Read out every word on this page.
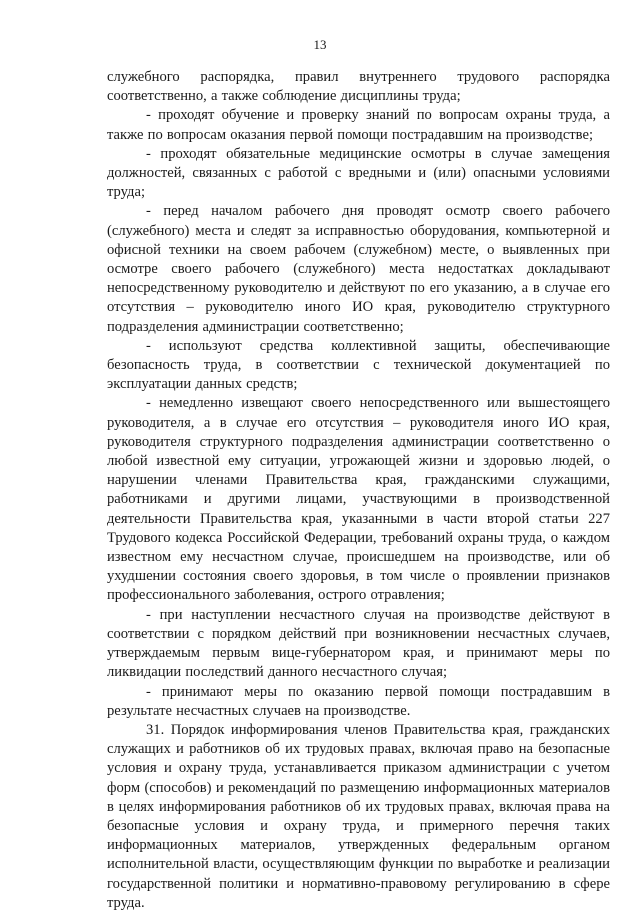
13

служебного распорядка, правил внутреннего трудового распорядка соответственно, а также соблюдение дисциплины труда;

- проходят обучение и проверку знаний по вопросам охраны труда, а также по вопросам оказания первой помощи пострадавшим на производстве;

- проходят обязательные медицинские осмотры в случае замещения должностей, связанных с работой с вредными и (или) опасными условиями труда;

- перед началом рабочего дня проводят осмотр своего рабочего (служебного) места и следят за исправностью оборудования, компьютерной и офисной техники на своем рабочем (служебном) месте, о выявленных при осмотре своего рабочего (служебного) места недостатках докладывают непосредственному руководителю и действуют по его указанию, а в случае его отсутствия – руководителю иного ИО края, руководителю структурного подразделения администрации соответственно;

- используют средства коллективной защиты, обеспечивающие безопасность труда, в соответствии с технической документацией по эксплуатации данных средств;

- немедленно извещают своего непосредственного или вышестоящего руководителя, а в случае его отсутствия – руководителя иного ИО края, руководителя структурного подразделения администрации соответственно о любой известной ему ситуации, угрожающей жизни и здоровью людей, о нарушении членами Правительства края, гражданскими служащими, работниками и другими лицами, участвующими в производственной деятельности Правительства края, указанными в части второй статьи 227 Трудового кодекса Российской Федерации, требований охраны труда, о каждом известном ему несчастном случае, происшедшем на производстве, или об ухудшении состояния своего здоровья, в том числе о проявлении признаков профессионального заболевания, острого отравления;

- при наступлении несчастного случая на производстве действуют в соответствии с порядком действий при возникновении несчастных случаев, утверждаемым первым вице-губернатором края, и принимают меры по ликвидации последствий данного несчастного случая;

- принимают меры по оказанию первой помощи пострадавшим в результате несчастных случаев на производстве.

31. Порядок информирования членов Правительства края, гражданских служащих и работников об их трудовых правах, включая право на безопасные условия и охрану труда, устанавливается приказом администрации с учетом форм (способов) и рекомендаций по размещению информационных материалов в целях информирования работников об их трудовых правах, включая права на безопасные условия и охрану труда, и примерного перечня таких информационных материалов, утвержденных федеральным органом исполнительной власти, осуществляющим функции по выработке и реализации государственной политики и нормативно-правовому регулированию в сфере труда.
